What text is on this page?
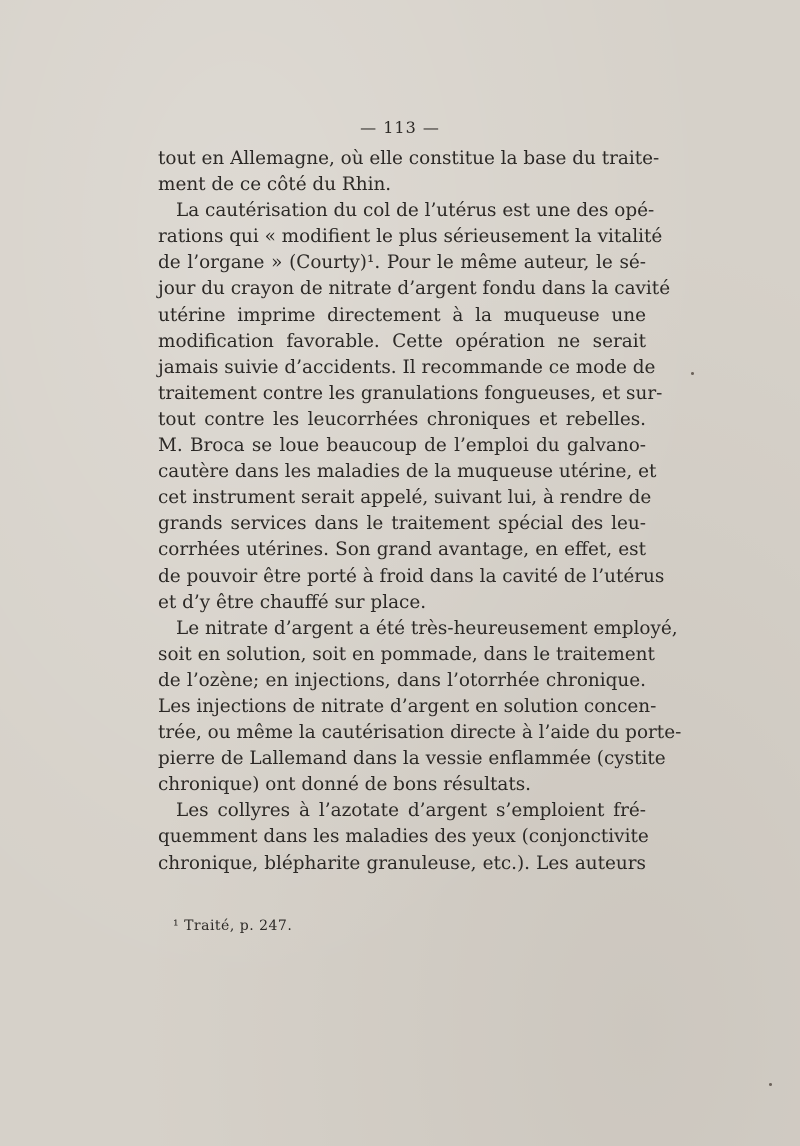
— 113 —
tout en Allemagne, où elle constitue la base du traite-
ment de ce côté du Rhin.
La cautérisation du col de l’utérus est une des opé-
rations qui « modifient le plus sérieusement la vitalité
de l’organe » (Courty)¹. Pour le même auteur, le sé-
jour du crayon de nitrate d’argent fondu dans la cavité
utérine imprime directement à la muqueuse une
modification favorable. Cette opération ne serait
jamais suivie d’accidents. Il recommande ce mode de
traitement contre les granulations fongueuses, et sur-
tout contre les leucorrhées chroniques et rebelles.
M. Broca se loue beaucoup de l’emploi du galvano-
cautère dans les maladies de la muqueuse utérine, et
cet instrument serait appelé, suivant lui, à rendre de
grands services dans le traitement spécial des leu-
corrhées utérines. Son grand avantage, en effet, est
de pouvoir être porté à froid dans la cavité de l’utérus
et d’y être chauffé sur place.
Le nitrate d’argent a été très-heureusement employé,
soit en solution, soit en pommade, dans le traitement
de l’ozène; en injections, dans l’otorrhée chronique.
Les injections de nitrate d’argent en solution concen-
trée, ou même la cautérisation directe à l’aide du porte-
pierre de Lallemand dans la vessie enflammée (cystite
chronique) ont donné de bons résultats.
Les collyres à l’azotate d’argent s’emploient fré-
quemment dans les maladies des yeux (conjonctivite
chronique, blépharite granuleuse, etc.). Les auteurs
¹ Traité, p. 247.
